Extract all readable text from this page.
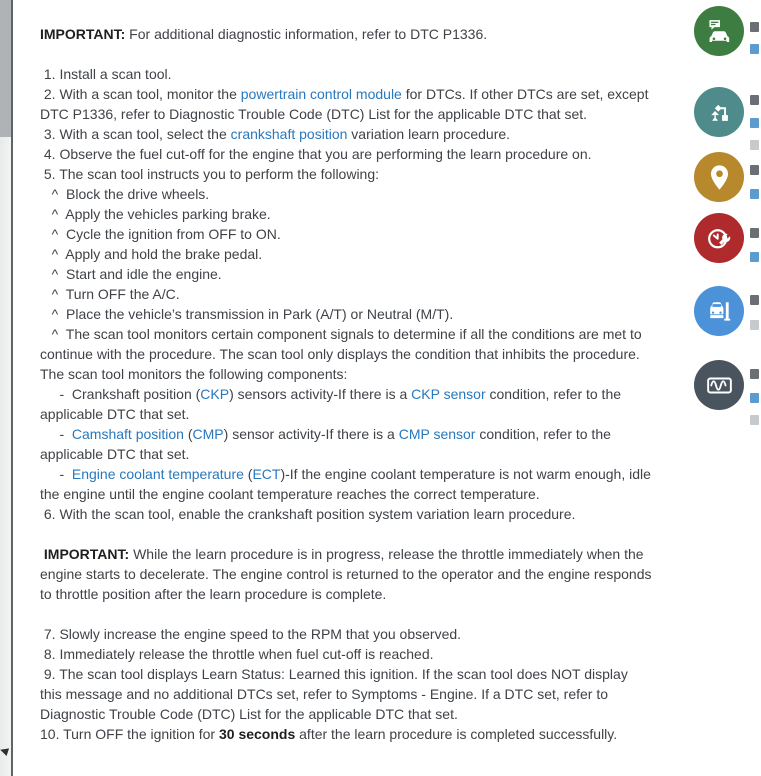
IMPORTANT: For additional diagnostic information, refer to DTC P1336.
1. Install a scan tool.
2. With a scan tool, monitor the powertrain control module for DTCs. If other DTCs are set, except
DTC P1336, refer to Diagnostic Trouble Code (DTC) List for the applicable DTC that set.
3. With a scan tool, select the crankshaft position variation learn procedure.
4. Observe the fuel cut-off for the engine that you are performing the learn procedure on.
5. The scan tool instructs you to perform the following:
^  Block the drive wheels.
^  Apply the vehicles parking brake.
^  Cycle the ignition from OFF to ON.
^  Apply and hold the brake pedal.
^  Start and idle the engine.
^  Turn OFF the A/C.
^  Place the vehicle’s transmission in Park (A/T) or Neutral (M/T).
^  The scan tool monitors certain component signals to determine if all the conditions are met to
continue with the procedure. The scan tool only displays the condition that inhibits the procedure.
The scan tool monitors the following components:
-  Crankshaft position (CKP) sensors activity-If there is a CKP sensor condition, refer to the
applicable DTC that set.
-  Camshaft position (CMP) sensor activity-If there is a CMP sensor condition, refer to the
applicable DTC that set.
-  Engine coolant temperature (ECT)-If the engine coolant temperature is not warm enough, idle
the engine until the engine coolant temperature reaches the correct temperature.
6. With the scan tool, enable the crankshaft position system variation learn procedure.
IMPORTANT: While the learn procedure is in progress, release the throttle immediately when the
engine starts to decelerate. The engine control is returned to the operator and the engine responds
to throttle position after the learn procedure is complete.
7. Slowly increase the engine speed to the RPM that you observed.
8. Immediately release the throttle when fuel cut-off is reached.
9. The scan tool displays Learn Status: Learned this ignition. If the scan tool does NOT display
this message and no additional DTCs set, refer to Symptoms - Engine. If a DTC set, refer to
Diagnostic Trouble Code (DTC) List for the applicable DTC that set.
10. Turn OFF the ignition for 30 seconds after the learn procedure is completed successfully.
